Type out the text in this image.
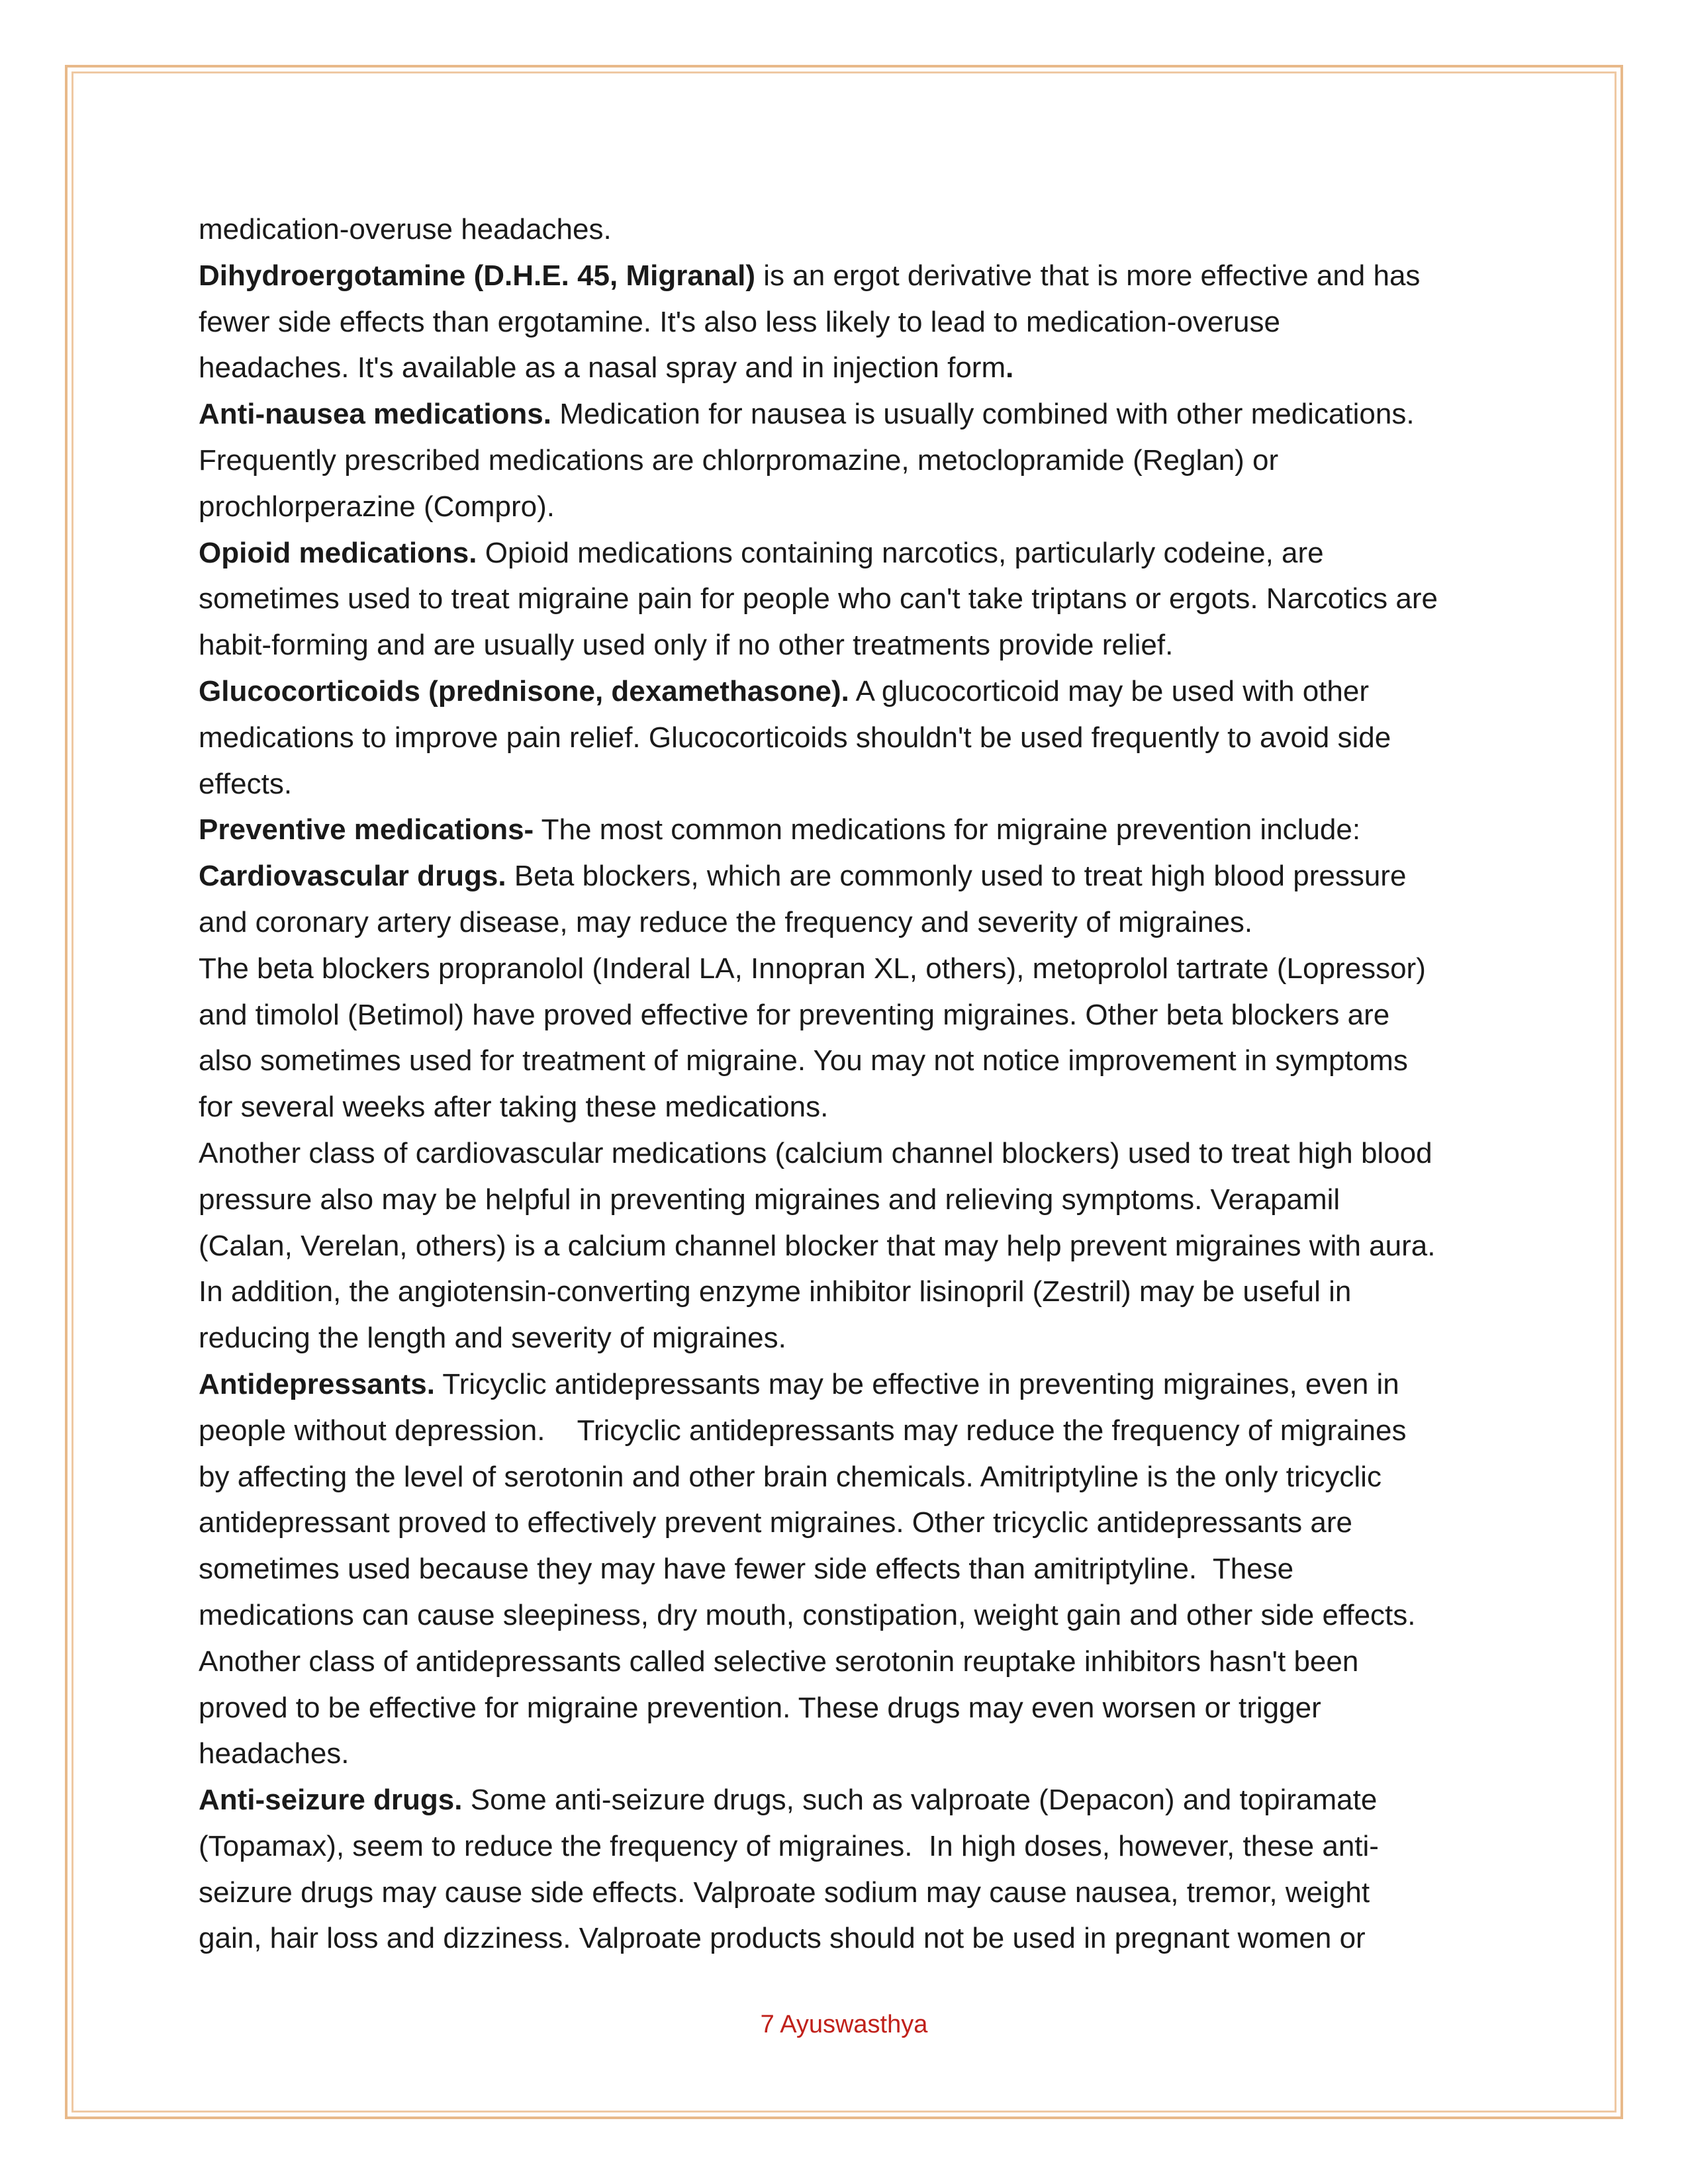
medication-overuse headaches.
Dihydroergotamine (D.H.E. 45, Migranal) is an ergot derivative that is more effective and has
fewer side effects than ergotamine. It's also less likely to lead to medication-overuse
headaches. It's available as a nasal spray and in injection form.
Anti-nausea medications. Medication for nausea is usually combined with other medications.
Frequently prescribed medications are chlorpromazine, metoclopramide (Reglan) or
prochlorperazine (Compro).
Opioid medications. Opioid medications containing narcotics, particularly codeine, are
sometimes used to treat migraine pain for people who can't take triptans or ergots. Narcotics are
habit-forming and are usually used only if no other treatments provide relief.
Glucocorticoids (prednisone, dexamethasone). A glucocorticoid may be used with other
medications to improve pain relief. Glucocorticoids shouldn't be used frequently to avoid side
effects.
Preventive medications- The most common medications for migraine prevention include:
Cardiovascular drugs. Beta blockers, which are commonly used to treat high blood pressure
and coronary artery disease, may reduce the frequency and severity of migraines.
The beta blockers propranolol (Inderal LA, Innopran XL, others), metoprolol tartrate (Lopressor)
and timolol (Betimol) have proved effective for preventing migraines. Other beta blockers are
also sometimes used for treatment of migraine. You may not notice improvement in symptoms
for several weeks after taking these medications.
Another class of cardiovascular medications (calcium channel blockers) used to treat high blood
pressure also may be helpful in preventing migraines and relieving symptoms. Verapamil
(Calan, Verelan, others) is a calcium channel blocker that may help prevent migraines with aura.
In addition, the angiotensin-converting enzyme inhibitor lisinopril (Zestril) may be useful in
reducing the length and severity of migraines.
Antidepressants. Tricyclic antidepressants may be effective in preventing migraines, even in
people without depression.    Tricyclic antidepressants may reduce the frequency of migraines
by affecting the level of serotonin and other brain chemicals. Amitriptyline is the only tricyclic
antidepressant proved to effectively prevent migraines. Other tricyclic antidepressants are
sometimes used because they may have fewer side effects than amitriptyline.  These
medications can cause sleepiness, dry mouth, constipation, weight gain and other side effects.
Another class of antidepressants called selective serotonin reuptake inhibitors hasn't been
proved to be effective for migraine prevention. These drugs may even worsen or trigger
headaches.
Anti-seizure drugs. Some anti-seizure drugs, such as valproate (Depacon) and topiramate
(Topamax), seem to reduce the frequency of migraines.  In high doses, however, these anti-
seizure drugs may cause side effects. Valproate sodium may cause nausea, tremor, weight
gain, hair loss and dizziness. Valproate products should not be used in pregnant women or
7 Ayuswasthya
